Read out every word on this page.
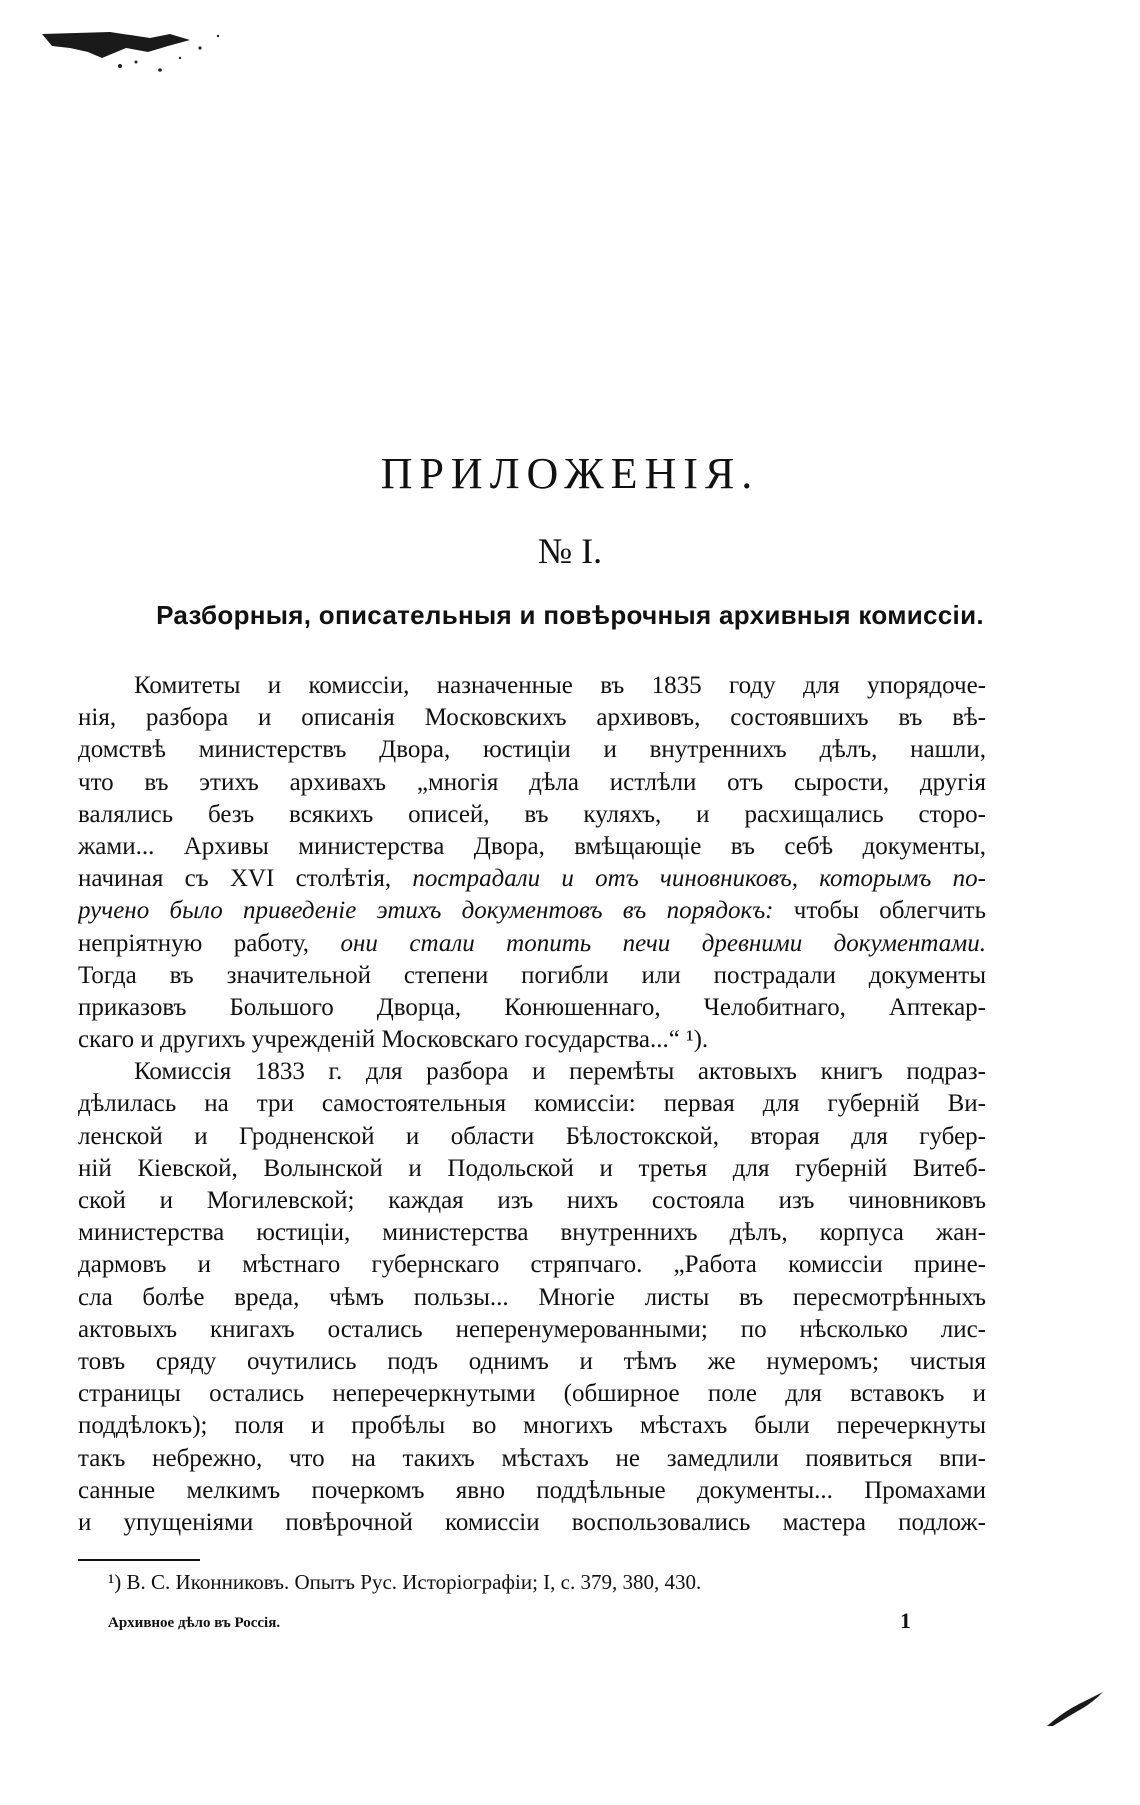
ПРИЛОЖЕНІЯ.
№ I.
Разборныя, описательныя и повѣрочныя архивныя комиссіи.
Комитеты и комиссіи, назначенные въ 1835 году для упорядоче-
нія, разбора и описанія Московскихъ архивовъ, состоявшихъ въ вѣ-
домствѣ министерствъ Двора, юстиціи и внутреннихъ дѣлъ, нашли,
что въ этихъ архивахъ „многія дѣла истлѣли отъ сырости, другія
валялись безъ всякихъ описей, въ куляхъ, и расхищались сторо-
жами... Архивы министерства Двора, вмѣщающіе въ себѣ документы,
начиная съ XVI столѣтія, пострадали и отъ чиновниковъ, которымъ по-
ручено было приведеніе этихъ документовъ въ порядокъ: чтобы облегчить
непріятную работу, они стали топить печи древними документами.
Тогда въ значительной степени погибли или пострадали документы
приказовъ Большого Дворца, Конюшеннаго, Челобитнаго, Аптекар-
скаго и другихъ учрежденій Московскаго государства...“ ¹).
Комиссія 1833 г. для разбора и перемѣты актовыхъ книгъ подраз-
дѣлилась на три самостоятельныя комиссіи: первая для губерній Ви-
ленской и Гродненской и области Бѣлостокской, вторая для губер-
ній Кіевской, Волынской и Подольской и третья для губерній Витеб-
ской и Могилевской; каждая изъ нихъ состояла изъ чиновниковъ
министерства юстиціи, министерства внутреннихъ дѣлъ, корпуса жан-
дармовъ и мѣстнаго губернскаго стряпчаго. „Работа комиссіи прине-
сла болѣе вреда, чѣмъ пользы... Многіе листы въ пересмотрѣнныхъ
актовыхъ книгахъ остались неперенумерованными; по нѣсколько лис-
товъ сряду очутились подъ однимъ и тѣмъ же нумеромъ; чистыя
страницы остались неперечеркнутыми (обширное поле для вставокъ и
поддѣлокъ); поля и пробѣлы во многихъ мѣстахъ были перечеркнуты
такъ небрежно, что на такихъ мѣстахъ не замедлили появиться впи-
санные мелкимъ почеркомъ явно поддѣльные документы... Промахами
и упущеніями повѣрочной комиссіи воспользовались мастера подлож-
¹) В. С. Иконниковъ. Опытъ Рус. Исторіографіи; I, с. 379, 380, 430.
Архивное дѣло въ Россія.	1
